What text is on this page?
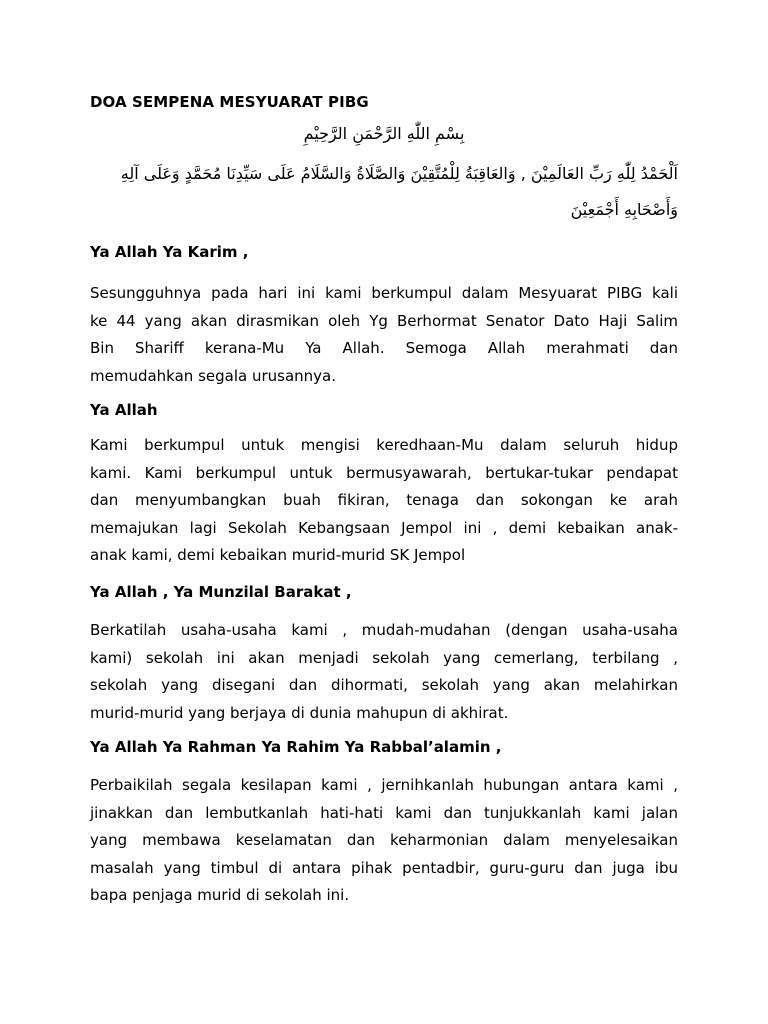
DOA SEMPENA MESYUARAT PIBG
بِسْمِ اللّٰهِ الرَّحْمَنِ الرَّحِيْمِ
اَلْحَمْدُ لِلّٰهِ رَبِّ العَالَمِيْنَ , وَالعَاقِبَةُ لِلْمُتَّقِيْنَ وَالصَّلَاةُ وَالسَّلَامُ عَلَى سَيِّدِنَا مُحَمَّدٍ وَعَلَى آلِهِ
وَأَصْحَابِهِ أَجْمَعِيْنَ
Ya Allah Ya Karim ,
Sesungguhnya pada hari ini kami berkumpul dalam Mesyuarat PIBG kali
ke 44 yang akan dirasmikan oleh Yg Berhormat Senator Dato Haji Salim
Bin Shariff kerana-Mu Ya Allah. Semoga Allah merahmati dan
memudahkan segala urusannya.
Ya Allah
Kami berkumpul untuk mengisi keredhaan-Mu dalam seluruh hidup
kami. Kami berkumpul untuk bermusyawarah, bertukar-tukar pendapat
dan menyumbangkan buah fikiran, tenaga dan sokongan ke arah
memajukan lagi Sekolah Kebangsaan Jempol ini , demi kebaikan anak-
anak kami, demi kebaikan murid-murid SK Jempol
Ya Allah , Ya Munzilal Barakat ,
Berkatilah usaha-usaha kami , mudah-mudahan (dengan usaha-usaha
kami) sekolah ini akan menjadi sekolah yang cemerlang, terbilang ,
sekolah yang disegani dan dihormati, sekolah yang akan melahirkan
murid-murid yang berjaya di dunia mahupun di akhirat.
Ya Allah Ya Rahman Ya Rahim Ya Rabbal’alamin ,
Perbaikilah segala kesilapan kami , jernihkanlah hubungan antara kami ,
jinakkan dan lembutkanlah hati-hati kami dan tunjukkanlah kami jalan
yang membawa keselamatan dan keharmonian dalam menyelesaikan
masalah yang timbul di antara pihak pentadbir, guru-guru dan juga ibu
bapa penjaga murid di sekolah ini.
